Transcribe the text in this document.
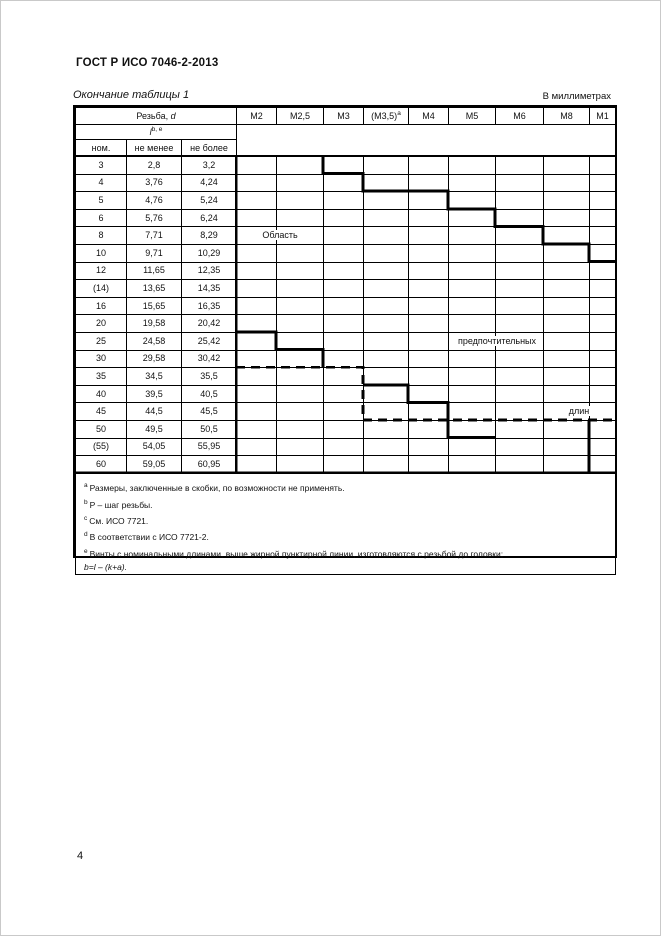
ГОСТ Р ИСО 7046-2-2013
Окончание таблицы 1	В миллиметрах
Резьба, d			M2	M2,5	M3	$(M3,5)^a$	M4	M5	M6	M8	M1
$l^{b, e}$	
ном.	не менее	не более									
3	2,8	3,2									
4	3,76	4,24									
5	4,76	5,24									
6	5,76	6,24									
8	7,71	8,29									
10	9,71	10,29									
12	11,65	12,35									
(14)	13,65	14,35									
16	15,65	16,35									
20	19,58	20,42									
25	24,58	25,42									
30	29,58	30,42									
35	34,5	35,5									
40	39,5	40,5									
45	44,5	45,5									
50	49,5	50,5									
(55)	54,05	55,95									
60	59,05	60,95									

$^a$ Размеры, заключенные в скобки, по возможности не применять.
$^b$ P – шаг резьбы.
$^c$ См. ИСО 7721.
$^d$ В соответствии с ИСО 7721-2.
$^e$ Винты с номинальными длинами, выше жирной пунктирной линии, изготовляются с резьбой до головки;
b=l – (k+a).
Область
предпочтительных
длин
4
